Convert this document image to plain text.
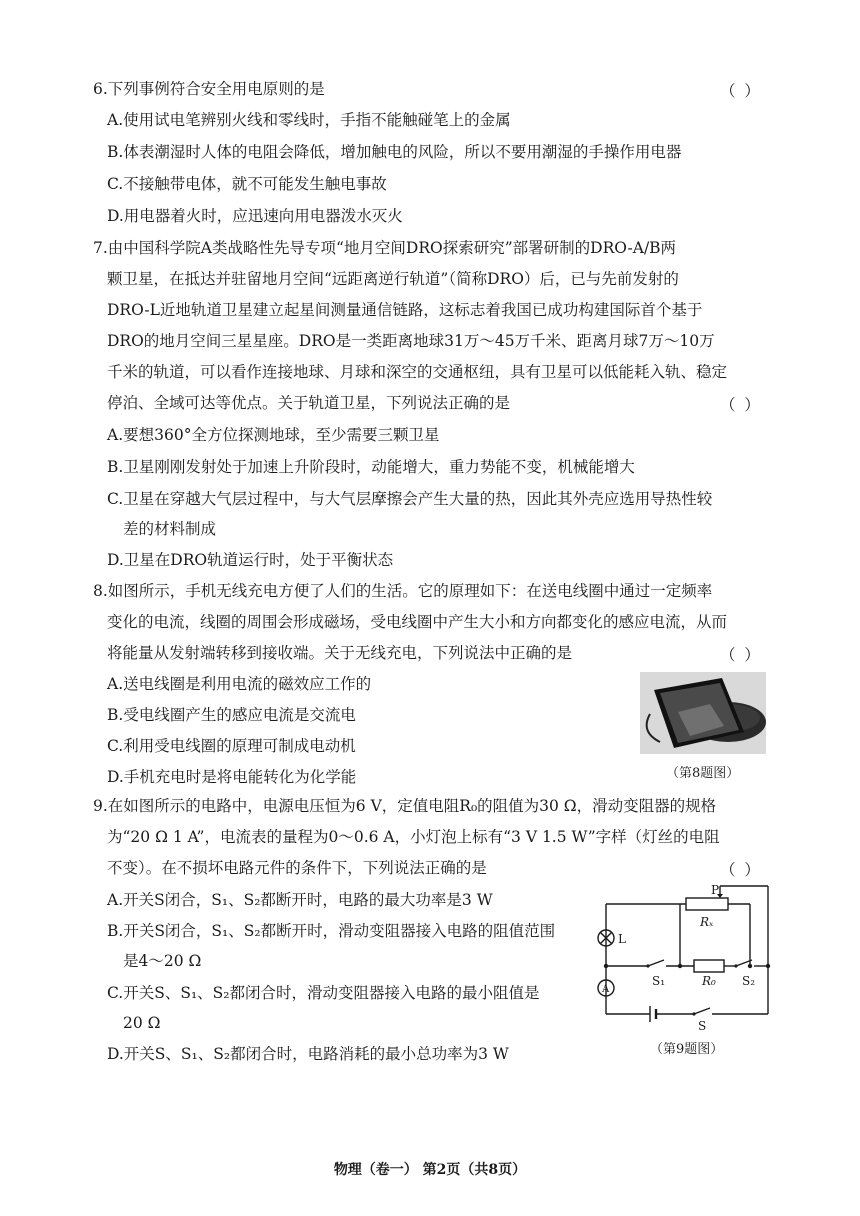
6.下列事例符合安全用电原则的是	（ ）
A.使用试电笔辨别火线和零线时，手指不能触碰笔上的金属
B.体表潮湿时人体的电阻会降低，增加触电的风险，所以不要用潮湿的手操作用电器
C.不接触带电体，就不可能发生触电事故
D.用电器着火时，应迅速向用电器泼水灭火
7.由中国科学院A类战略性先导专项“地月空间DRO探索研究”部署研制的DRO-A/B两
颗卫星，在抵达并驻留地月空间“远距离逆行轨道”（简称DRO）后，已与先前发射的
DRO-L近地轨道卫星建立起星间测量通信链路，这标志着我国已成功构建国际首个基于
DRO的地月空间三星星座。DRO是一类距离地球31万～45万千米、距离月球7万～10万
千米的轨道，可以看作连接地球、月球和深空的交通枢纽，具有卫星可以低能耗入轨、稳定
停泊、全域可达等优点。关于轨道卫星，下列说法正确的是	（ ）
A.要想360°全方位探测地球，至少需要三颗卫星
B.卫星刚刚发射处于加速上升阶段时，动能增大，重力势能不变，机械能增大
C.卫星在穿越大气层过程中，与大气层摩擦会产生大量的热，因此其外壳应选用导热性较
差的材料制成
D.卫星在DRO轨道运行时，处于平衡状态
8.如图所示，手机无线充电方便了人们的生活。它的原理如下：在送电线圈中通过一定频率
变化的电流，线圈的周围会形成磁场，受电线圈中产生大小和方向都变化的感应电流，从而
将能量从发射端转移到接收端。关于无线充电，下列说法中正确的是	（ ）
A.送电线圈是利用电流的磁效应工作的
B.受电线圈产生的感应电流是交流电
C.利用受电线圈的原理可制成电动机
D.手机充电时是将电能转化为化学能	（第8题图）
9.在如图所示的电路中，电源电压恒为6 V，定值电阻R₀的阻值为30 Ω，滑动变阻器的规格
为“20 Ω 1 A”，电流表的量程为0～0.6 A，小灯泡上标有“3 V 1.5 W”字样（灯丝的电阻
不变）。在不损坏电路元件的条件下，下列说法正确的是	（ ）
A.开关S闭合，S₁、S₂都断开时，电路的最大功率是3 W
B.开关S闭合，S₁、S₂都断开时，滑动变阻器接入电路的阻值范围
是4～20 Ω
C.开关S、S₁、S₂都闭合时，滑动变阻器接入电路的最小阻值是
20 Ω
D.开关S、S₁、S₂都闭合时，电路消耗的最小总功率为3 W
P
Rₓ
L
A
S₁	R₀ S₂
S
（第9题图）
物理（卷一） 第2页（共8页）
